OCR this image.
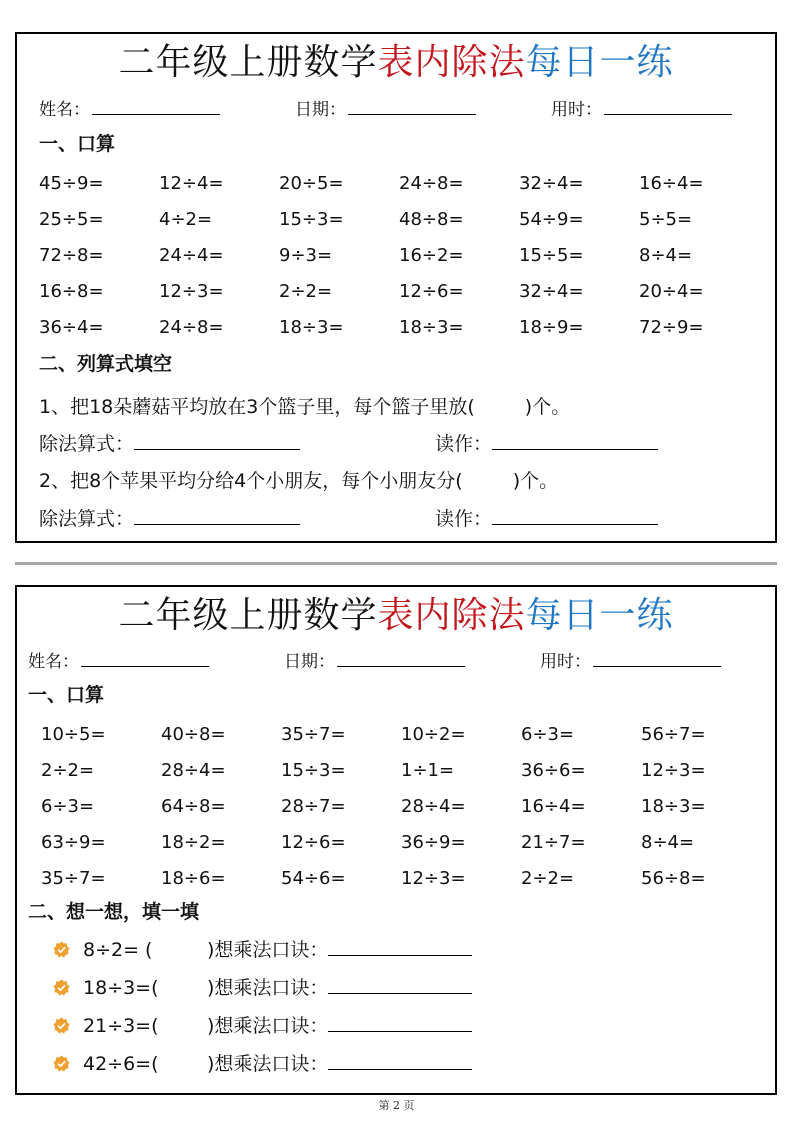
二年级上册数学表内除法每日一练
姓名：	日期：	用时：
一、口算
45÷9=	12÷4=	20÷5=	24÷8=	32÷4=	16÷4=
25÷5=	4÷2=	15÷3=	48÷8=	54÷9=	5÷5=
72÷8=	24÷4=	9÷3=	16÷2=	15÷5=	8÷4=
16÷8=	12÷3=	2÷2=	12÷6=	32÷4=	20÷4=
36÷4=	24÷8=	18÷3=	18÷3=	18÷9=	72÷9=
二、列算式填空
1、把18朵蘑菇平均放在3个篮子里，每个篮子里放(	)个。
除法算式：	读作：
2、把8个苹果平均分给4个小朋友，每个小朋友分(	)个。
除法算式：	读作：
二年级上册数学表内除法每日一练
姓名：	日期：	用时：
一、口算
10÷5=	40÷8=	35÷7=	10÷2=	6÷3=	56÷7=
2÷2=	28÷4=	15÷3=	1÷1=	36÷6=	12÷3=
6÷3=	64÷8=	28÷7=	28÷4=	16÷4=	18÷3=
63÷9=	18÷2=	12÷6=	36÷9=	21÷7=	8÷4=
35÷7=	18÷6=	54÷6=	12÷3=	2÷2=	56÷8=
二、想一想，填一填
8÷2= (	)想乘法口诀：
18÷3=(	)想乘法口诀：
21÷3=(	)想乘法口诀：
42÷6=(	)想乘法口诀：
第 2 页
